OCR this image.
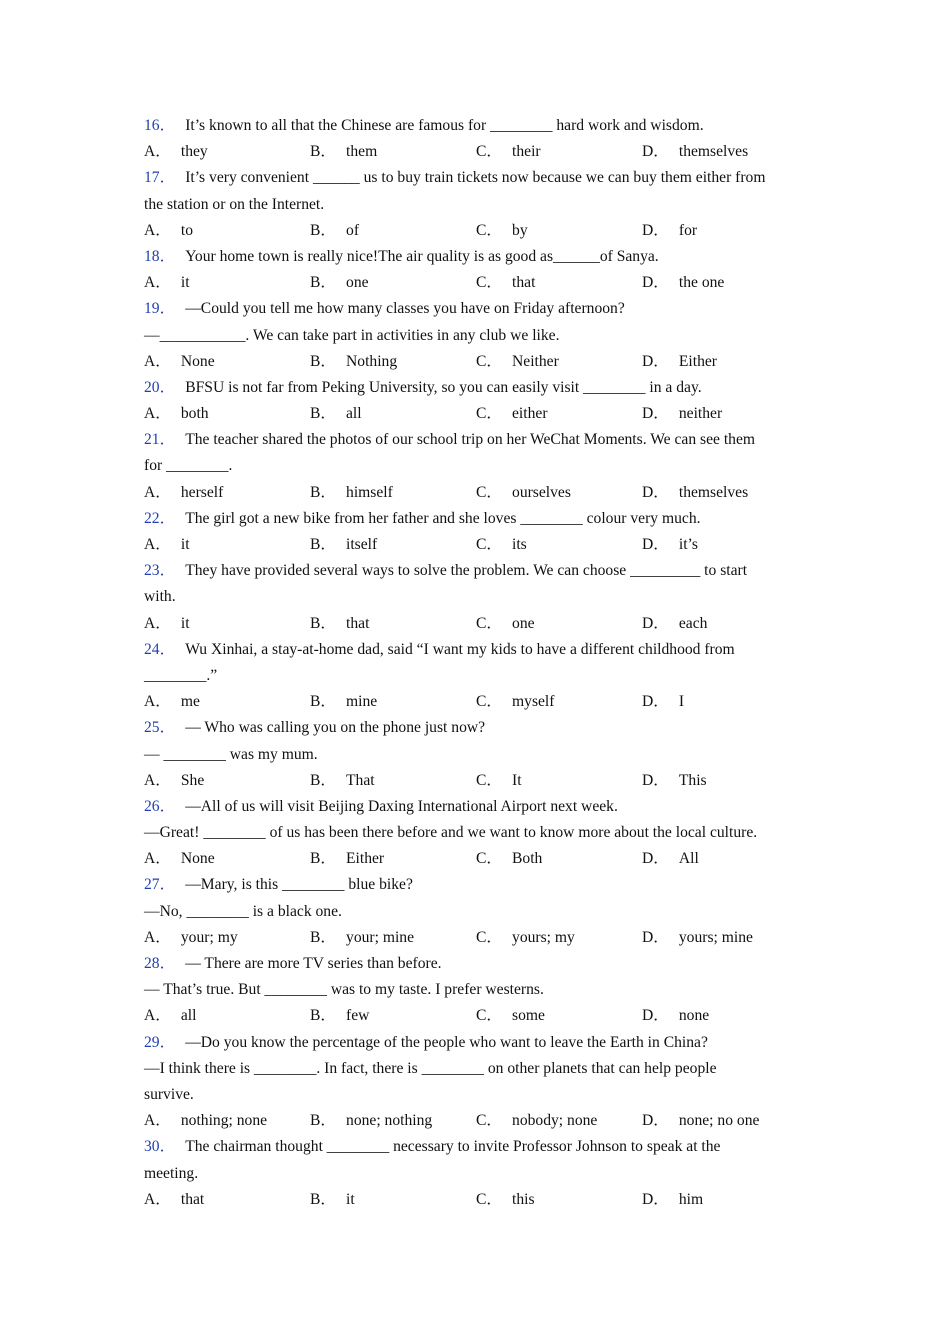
16． It’s known to all that the Chinese are famous for ________ hard work and wisdom.
A． they	B． them	C． their	D． themselves
17． It’s very convenient ______ us to buy train tickets now because we can buy them either from
the station or on the Internet.
A． to	B． of	C． by	D． for
18． Your home town is really nice!The air quality is as good as______of Sanya.
A． it	B． one	C． that	D． the one
19． —Could you tell me how many classes you have on Friday afternoon?
—___________. We can take part in activities in any club we like.
A． None	B． Nothing	C． Neither	D． Either
20． BFSU is not far from Peking University, so you can easily visit ________ in a day.
A． both	B． all	C． either	D． neither
21． The teacher shared the photos of our school trip on her WeChat Moments. We can see them
for ________.
A． herself	B． himself	C． ourselves	D． themselves
22． The girl got a new bike from her father and she loves ________ colour very much.
A． it	B． itself	C． its	D． it’s
23． They have provided several ways to solve the problem. We can choose _________ to start
with.
A． it	B． that	C． one	D． each
24． Wu Xinhai, a stay-at-home dad, said “I want my kids to have a different childhood from
________.”
A． me	B． mine	C． myself	D． I
25． — Who was calling you on the phone just now?
— ________ was my mum.
A． She	B． That	C． It	D． This
26． —All of us will visit Beijing Daxing International Airport next week.
—Great! ________ of us has been there before and we want to know more about the local culture.
A． None	B． Either	C． Both	D． All
27． —Mary, is this ________ blue bike?
—No, ________ is a black one.
A． your; my	B． your; mine	C． yours; my	D． yours; mine
28． — There are more TV series than before.
— That’s true. But ________ was to my taste. I prefer westerns.
A． all	B． few	C． some	D． none
29． —Do you know the percentage of the people who want to leave the Earth in China?
—I think there is ________. In fact, there is ________ on other planets that can help people
survive.
A． nothing; none	B． none; nothing	C． nobody; none	D． none; no one
30． The chairman thought ________ necessary to invite Professor Johnson to speak at the
meeting.
A． that	B． it	C． this	D． him
